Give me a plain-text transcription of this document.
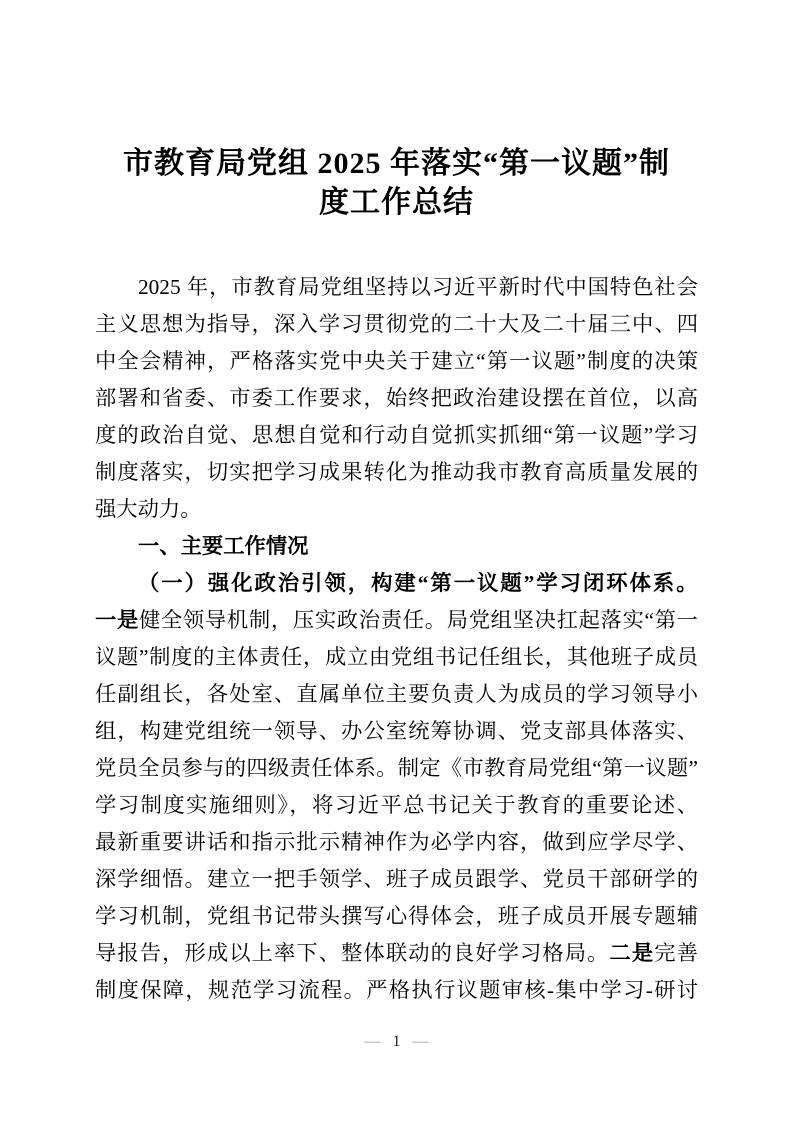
市教育局党组 2025 年落实“第一议题”制
度工作总结
2025 年，市教育局党组坚持以习近平新时代中国特色社会
主义思想为指导，深入学习贯彻党的二十大及二十届三中、四
中全会精神，严格落实党中央关于建立“第一议题”制度的决策
部署和省委、市委工作要求，始终把政治建设摆在首位，以高
度的政治自觉、思想自觉和行动自觉抓实抓细“第一议题”学习
制度落实，切实把学习成果转化为推动我市教育高质量发展的
强大动力。
一、主要工作情况
（一）强化政治引领，构建“第一议题”学习闭环体系。
一是健全领导机制，压实政治责任。局党组坚决扛起落实“第一
议题”制度的主体责任，成立由党组书记任组长，其他班子成员
任副组长，各处室、直属单位主要负责人为成员的学习领导小
组，构建党组统一领导、办公室统筹协调、党支部具体落实、
党员全员参与的四级责任体系。制定《市教育局党组“第一议题”
学习制度实施细则》，将习近平总书记关于教育的重要论述、
最新重要讲话和指示批示精神作为必学内容，做到应学尽学、
深学细悟。建立一把手领学、班子成员跟学、党员干部研学的
学习机制，党组书记带头撰写心得体会，班子成员开展专题辅
导报告，形成以上率下、整体联动的良好学习格局。二是完善
制度保障，规范学习流程。严格执行议题审核-集中学习-研讨
— 1 —
